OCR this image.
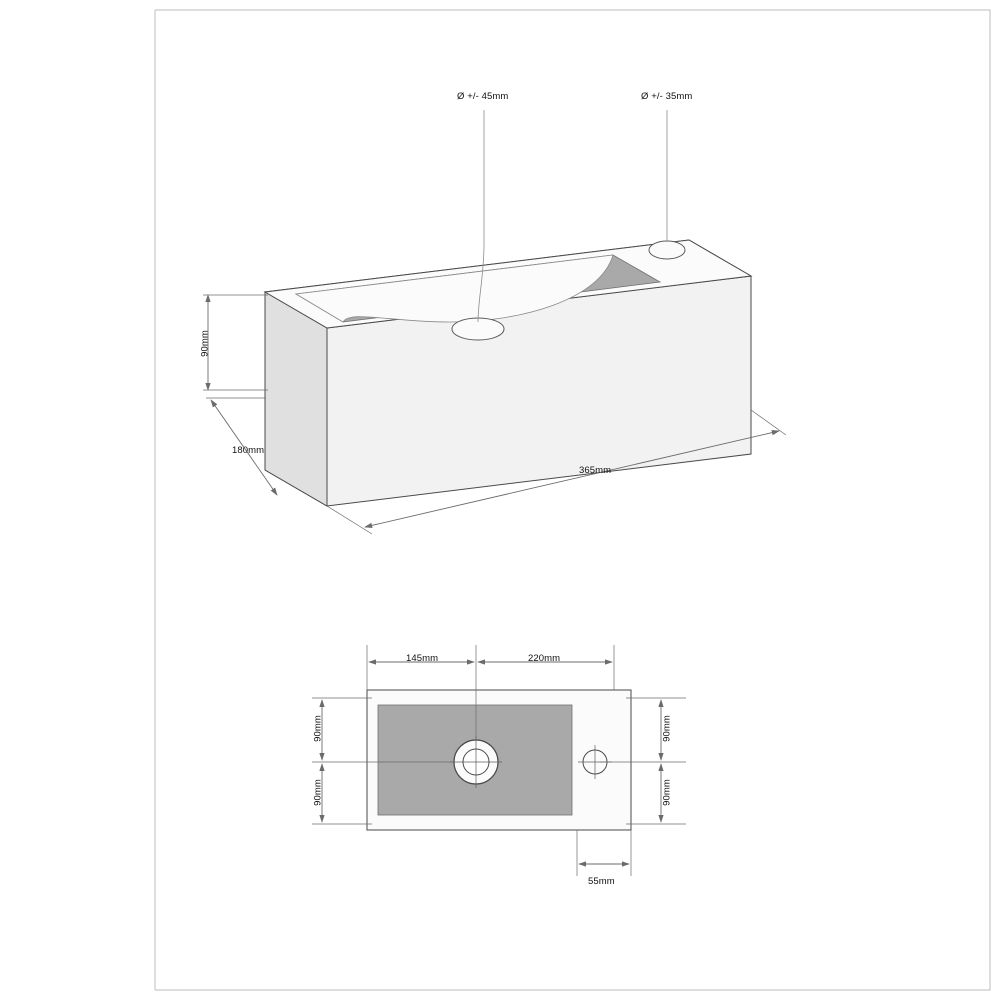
Ø +/- 45mm	Ø +/- 35mm
90mm
180mm
365mm
145mm	220mm
90mm
90mm
90mm
90mm
55mm
